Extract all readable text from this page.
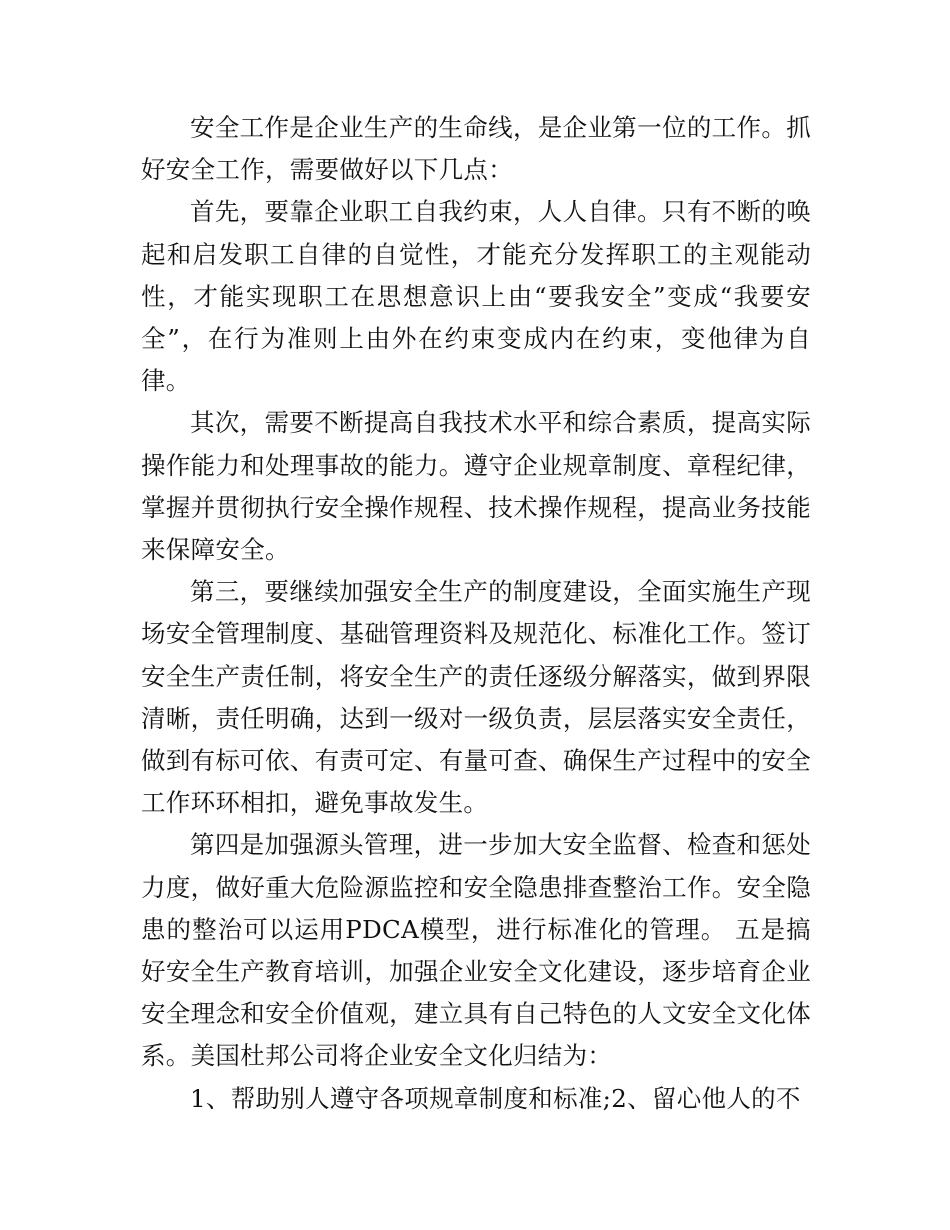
安全工作是企业生产的生命线，是企业第一位的工作。抓好安全工作，需要做好以下几点：

首先，要靠企业职工自我约束，人人自律。只有不断的唤起和启发职工自律的自觉性，才能充分发挥职工的主观能动性，才能实现职工在思想意识上由“要我安全”变成“我要安全”，在行为准则上由外在约束变成内在约束，变他律为自律。

其次，需要不断提高自我技术水平和综合素质，提高实际操作能力和处理事故的能力。遵守企业规章制度、章程纪律，掌握并贯彻执行安全操作规程、技术操作规程，提高业务技能来保障安全。

第三，要继续加强安全生产的制度建设，全面实施生产现场安全管理制度、基础管理资料及规范化、标准化工作。签订安全生产责任制，将安全生产的责任逐级分解落实，做到界限清晰，责任明确，达到一级对一级负责，层层落实安全责任，做到有标可依、有责可定、有量可查、确保生产过程中的安全工作环环相扣，避免事故发生。

第四是加强源头管理，进一步加大安全监督、检查和惩处力度，做好重大危险源监控和安全隐患排查整治工作。安全隐患的整治可以运用PDCA模型，进行标准化的管理。 五是搞好安全生产教育培训，加强企业安全文化建设，逐步培育企业安全理念和安全价值观，建立具有自己特色的人文安全文化体系。美国杜邦公司将企业安全文化归结为：

1、帮助别人遵守各项规章制度和标准;2、留心他人的不
